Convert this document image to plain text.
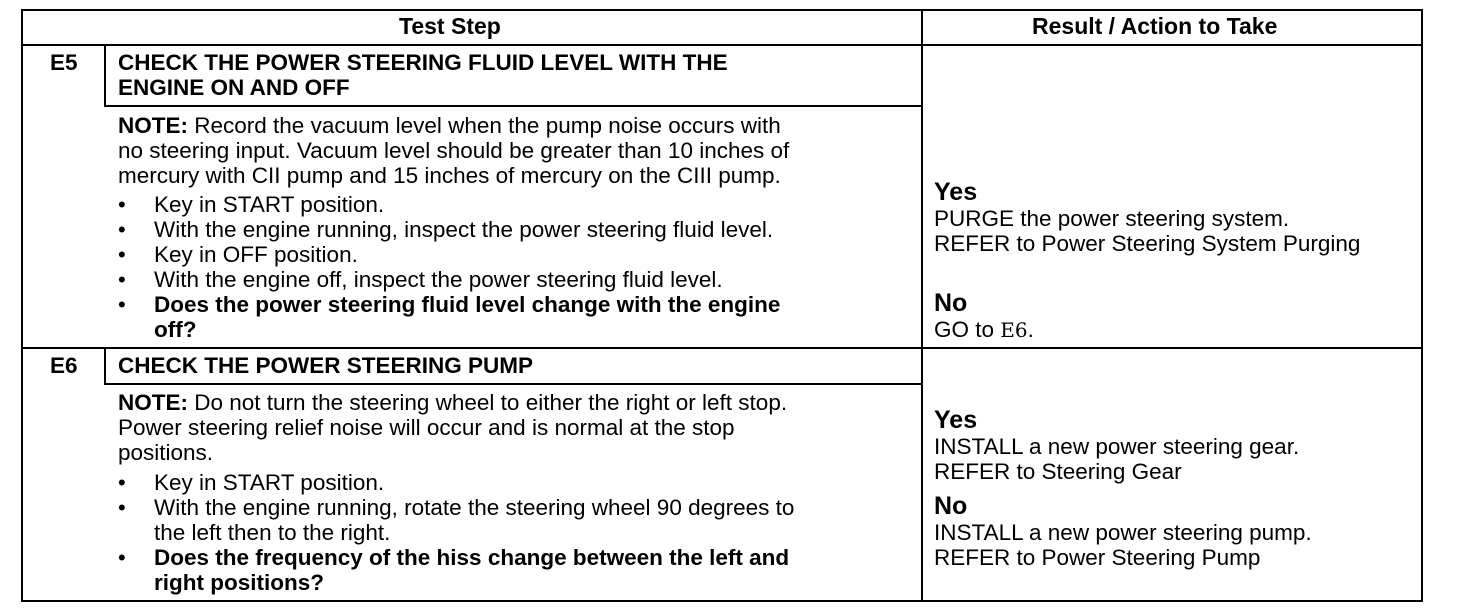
Test Step	Result / Action to Take
E5 CHECK THE POWER STEERING FLUID LEVEL WITH THE
ENGINE ON AND OFF
NOTE: Record the vacuum level when the pump noise occurs with
no steering input. Vacuum level should be greater than 10 inches of
mercury with CII pump and 15 inches of mercury on the CIII pump.
• Key in START position.
• With the engine running, inspect the power steering fluid level.
• Key in OFF position.
• With the engine off, inspect the power steering fluid level.
• Does the power steering fluid level change with the engine
off?
Yes
PURGE the power steering system.
REFER to Power Steering System Purging
No
GO to E6.
E6 CHECK THE POWER STEERING PUMP
NOTE: Do not turn the steering wheel to either the right or left stop.
Power steering relief noise will occur and is normal at the stop
positions.
• Key in START position.
• With the engine running, rotate the steering wheel 90 degrees to
the left then to the right.
• Does the frequency of the hiss change between the left and
right positions?
Yes
INSTALL a new power steering gear.
REFER to Steering Gear
No
INSTALL a new power steering pump.
REFER to Power Steering Pump
